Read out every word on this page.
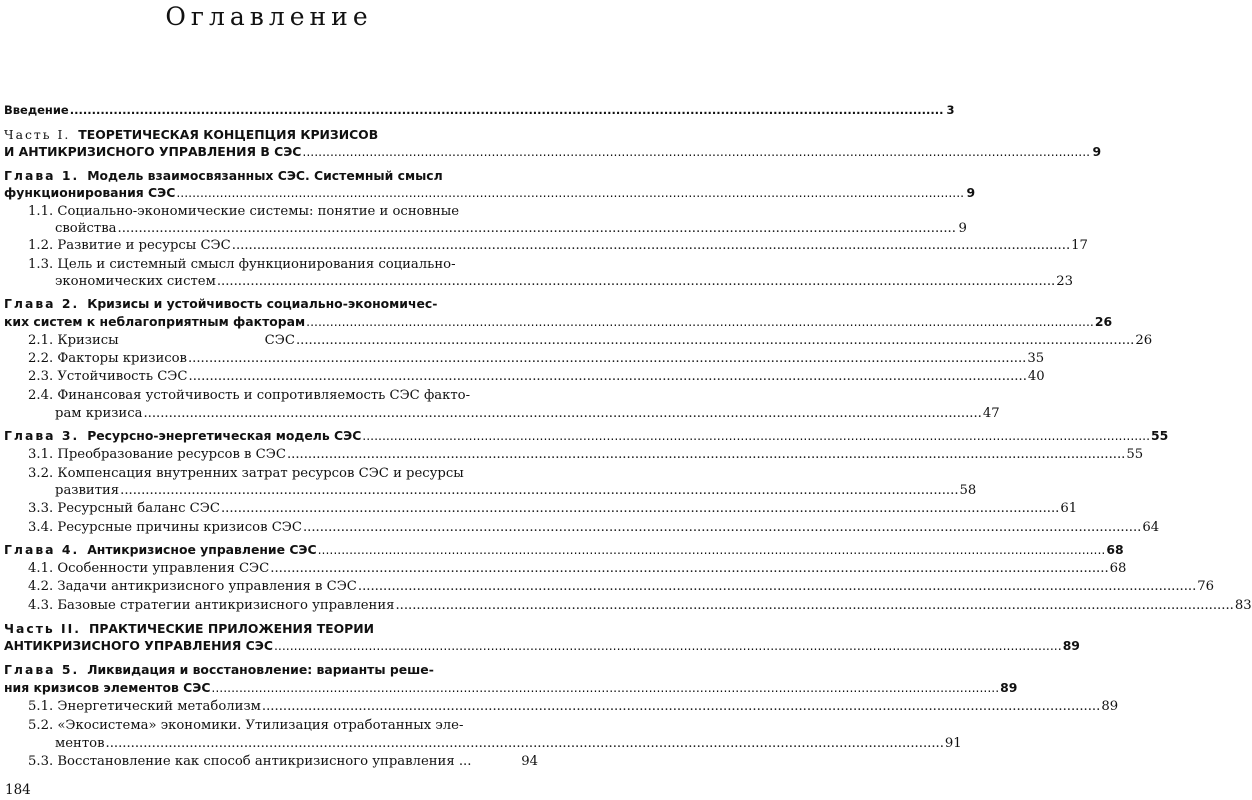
Оглавление
Введение .....	3
Часть I. ТЕОРЕТИЧЕСКАЯ КОНЦЕПЦИЯ КРИЗИСОВ
И АНТИКРИЗИСНОГО УПРАВЛЕНИЯ В СЭС .....	9
Глава 1. Модель взаимосвязанных СЭС. Системный смысл
функционирования СЭС .....	9
1.1. Социально-экономические системы: понятие и основные
свойства .....	9
1.2. Развитие и ресурсы СЭС .....	17
1.3. Цель и системный смысл функционирования социально-
экономических систем .....	23
Глава 2. Кризисы и устойчивость социально-экономичес-
ких систем к неблагоприятным факторам .....	26
2.1. Кризисы	СЭС .....	26
2.2. Факторы кризисов .....	35
2.3. Устойчивость СЭС .....	40
2.4. Финансовая устойчивость и сопротивляемость СЭС факто-
рам кризиса .....	47
Глава 3. Ресурсно-энергетическая модель СЭС .....	55
3.1. Преобразование ресурсов в СЭС .....	55
3.2. Компенсация внутренних затрат ресурсов СЭС и ресурсы
развития .....	58
3.3. Ресурсный баланс СЭС .....	61
3.4. Ресурсные причины кризисов СЭС .....	64
Глава 4. Антикризисное управление СЭС .....	68
4.1. Особенности управления СЭС .....	68
4.2. Задачи антикризисного управления в СЭС .....	76
4.3. Базовые стратегии антикризисного управления .....	83
Часть II. ПРАКТИЧЕСКИЕ ПРИЛОЖЕНИЯ ТЕОРИИ
АНТИКРИЗИСНОГО УПРАВЛЕНИЯ СЭС .....	89
Глава 5. Ликвидация и восстановление: варианты реше-
ния кризисов элементов СЭС .....	89
5.1. Энергетический метаболизм .....	89
5.2. «Экосистема» экономики. Утилизация отработанных эле-
ментов .....	91
5.3. Восстановление как способ антикризисного управления ...	94
184
